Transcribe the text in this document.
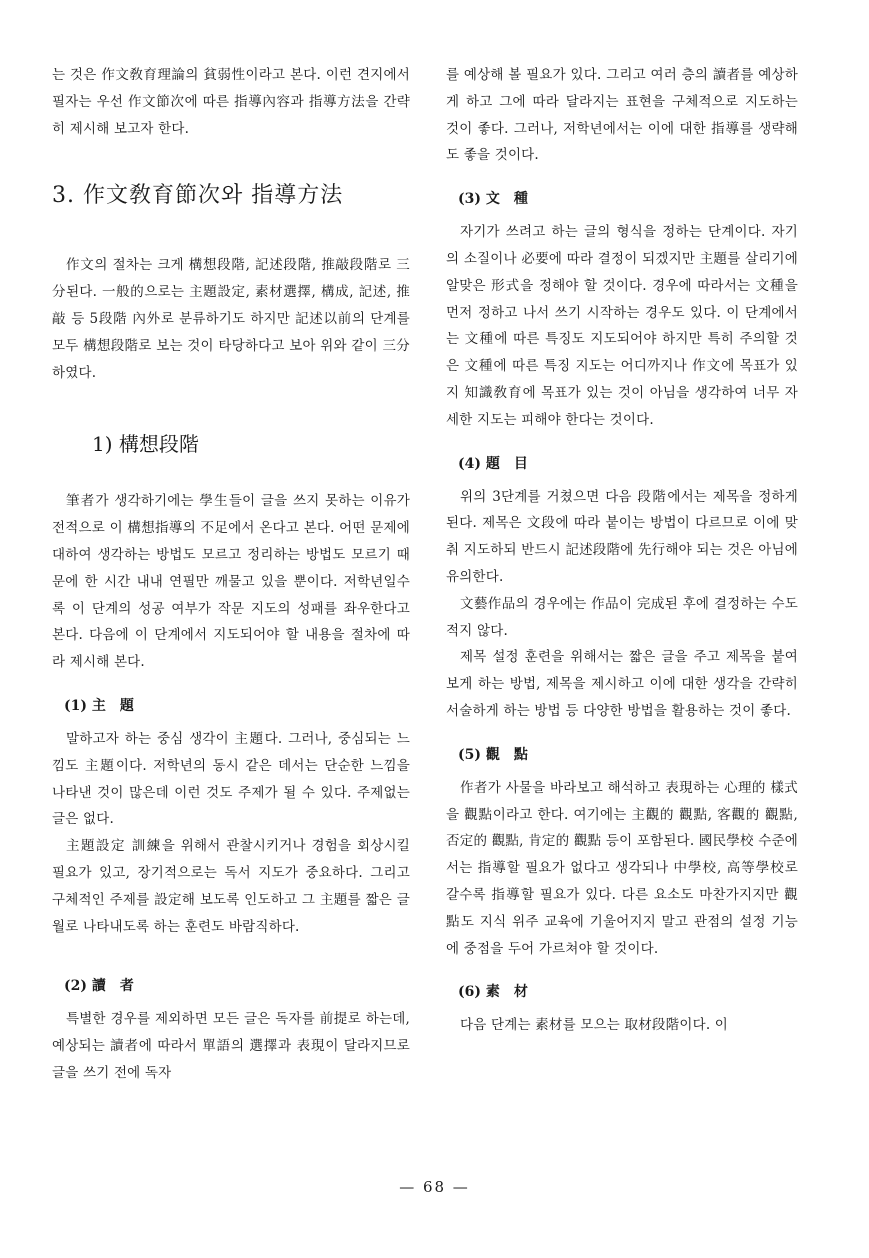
는 것은 作文敎育理論의 貧弱性이라고 본다. 이런 견지에서 필자는 우선 作文節次에 따른 指導內容과 指導方法을 간략히 제시해 보고자 한다.

3. 作文敎育節次와 指導方法

作文의 절차는 크게 構想段階, 記述段階, 推敲段階로 三分된다. 一般的으로는 主題設定, 素材選擇, 構成, 記述, 推敲 등 5段階 內外로 분류하기도 하지만 記述以前의 단계를 모두 構想段階로 보는 것이 타당하다고 보아 위와 같이 三分하였다.

1) 構想段階

筆者가 생각하기에는 學生들이 글을 쓰지 못하는 이유가 전적으로 이 構想指導의 不足에서 온다고 본다. 어떤 문제에 대하여 생각하는 방법도 모르고 정리하는 방법도 모르기 때문에 한 시간 내내 연필만 깨물고 있을 뿐이다. 저학년일수록 이 단계의 성공 여부가 작문 지도의 성패를 좌우한다고 본다. 다음에 이 단계에서 지도되어야 할 내용을 절차에 따라 제시해 본다.

(1) 主　題

말하고자 하는 중심 생각이 主題다. 그러나, 중심되는 느낌도 主題이다. 저학년의 동시 같은 데서는 단순한 느낌을 나타낸 것이 많은데 이런 것도 주제가 될 수 있다. 주제없는 글은 없다.

主題設定 訓練을 위해서 관찰시키거나 경험을 회상시킬 필요가 있고, 장기적으로는 독서 지도가 중요하다. 그리고 구체적인 주제를 設定해 보도록 인도하고 그 主題를 짧은 글월로 나타내도록 하는 훈련도 바람직하다.

(2) 讀　者

특별한 경우를 제외하면 모든 글은 독자를 前提로 하는데, 예상되는 讀者에 따라서 單語의 選擇과 表現이 달라지므로 글을 쓰기 전에 독자

를 예상해 볼 필요가 있다. 그리고 여러 층의 讀者를 예상하게 하고 그에 따라 달라지는 표현을 구체적으로 지도하는 것이 좋다. 그러나, 저학년에서는 이에 대한 指導를 생략해도 좋을 것이다.

(3) 文　種

자기가 쓰려고 하는 글의 형식을 정하는 단계이다. 자기의 소질이나 必要에 따라 결정이 되겠지만 主題를 살리기에 알맞은 形式을 정해야 할 것이다. 경우에 따라서는 文種을 먼저 정하고 나서 쓰기 시작하는 경우도 있다. 이 단계에서는 文種에 따른 특징도 지도되어야 하지만 특히 주의할 것은 文種에 따른 특징 지도는 어디까지나 作文에 목표가 있지 知識敎育에 목표가 있는 것이 아님을 생각하여 너무 자세한 지도는 피해야 한다는 것이다.

(4) 題　目

위의 3단계를 거쳤으면 다음 段階에서는 제목을 정하게 된다. 제목은 文段에 따라 붙이는 방법이 다르므로 이에 맞춰 지도하되 반드시 記述段階에 先行해야 되는 것은 아님에 유의한다.

文藝作品의 경우에는 作品이 完成된 후에 결정하는 수도 적지 않다.

제목 설정 훈련을 위해서는 짧은 글을 주고 제목을 붙여 보게 하는 방법, 제목을 제시하고 이에 대한 생각을 간략히 서술하게 하는 방법 등 다양한 방법을 활용하는 것이 좋다.

(5) 觀　點

作者가 사물을 바라보고 해석하고 表現하는 心理的 樣式을 觀點이라고 한다. 여기에는 主觀的 觀點, 客觀的 觀點, 否定的 觀點, 肯定的 觀點 등이 포함된다. 國民學校 수준에서는 指導할 필요가 없다고 생각되나 中學校, 高等學校로 갈수록 指導할 필요가 있다. 다른 요소도 마찬가지지만 觀點도 지식 위주 교육에 기울어지지 말고 관점의 설정 기능에 중점을 두어 가르쳐야 할 것이다.

(6) 素　材

다음 단계는 素材를 모으는 取材段階이다. 이

— 68 —
